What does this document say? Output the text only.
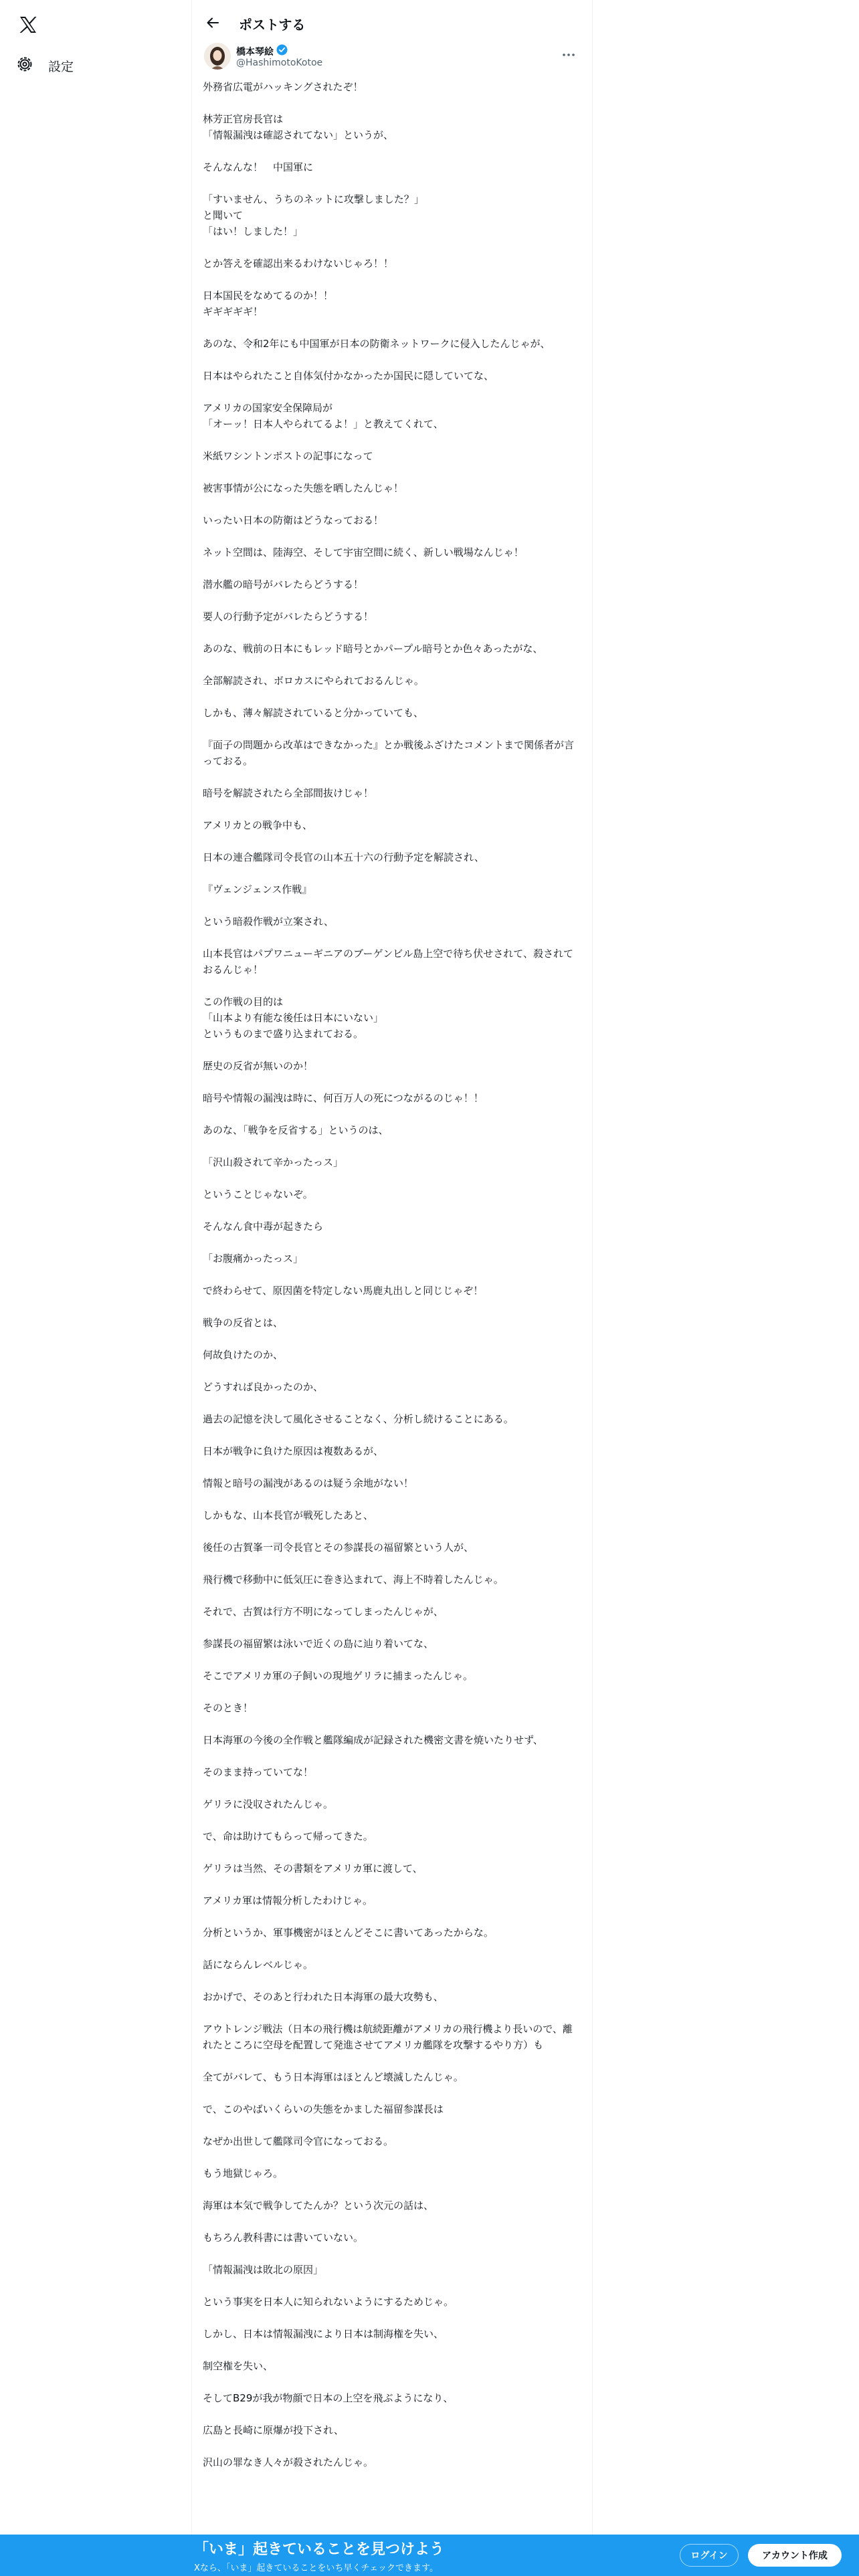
設定
ポストする
橋本琴絵
@HashimotoKotoe

外務省広電がハッキングされたぞ！

林芳正官房長官は
「情報漏洩は確認されてない」というが、

そんなんな！　中国軍に

「すいません、うちのネットに攻撃しました？」
と聞いて
「はい！しました！」

とか答えを確認出来るわけないじゃろ！！

日本国民をなめてるのか！！
ギギギギギ！

あのな、令和2年にも中国軍が日本の防衛ネットワークに侵入したんじゃが、

日本はやられたこと自体気付かなかったか国民に隠していてな、

アメリカの国家安全保障局が
「オーッ！日本人やられてるよ！」と教えてくれて、

米紙ワシントンポストの記事になって

被害事情が公になった失態を晒したんじゃ！

いったい日本の防衛はどうなっておる！

ネット空間は、陸海空、そして宇宙空間に続く、新しい戦場なんじゃ！

潜水艦の暗号がバレたらどうする！

要人の行動予定がバレたらどうする！

あのな、戦前の日本にもレッド暗号とかパープル暗号とか色々あったがな、

全部解読され、ボロカスにやられておるんじゃ。

しかも、薄々解読されていると分かっていても、

『面子の問題から改革はできなかった』とか戦後ふざけたコメントまで関係者が言っておる。

暗号を解読されたら全部間抜けじゃ！

アメリカとの戦争中も、

日本の連合艦隊司令長官の山本五十六の行動予定を解読され、

『ヴェンジェンス作戦』

という暗殺作戦が立案され、

山本長官はパプワニューギニアのブーゲンビル島上空で待ち伏せされて、殺されておるんじゃ！

この作戦の目的は
「山本より有能な後任は日本にいない」
というものまで盛り込まれておる。

歴史の反省が無いのか！

暗号や情報の漏洩は時に、何百万人の死につながるのじゃ！！

あのな、「戦争を反省する」というのは、

「沢山殺されて辛かったっス」

ということじゃないぞ。

そんなん食中毒が起きたら

「お腹痛かったっス」

で終わらせて、原因菌を特定しない馬鹿丸出しと同じじゃぞ！

戦争の反省とは、

何故負けたのか、

どうすれば良かったのか、

過去の記憶を決して風化させることなく、分析し続けることにある。

日本が戦争に負けた原因は複数あるが、

情報と暗号の漏洩があるのは疑う余地がない！

しかもな、山本長官が戦死したあと、

後任の古賀峯一司令長官とその参謀長の福留繁という人が、

飛行機で移動中に低気圧に巻き込まれて、海上不時着したんじゃ。

それで、古賀は行方不明になってしまったんじゃが、

参謀長の福留繁は泳いで近くの島に辿り着いてな、

そこでアメリカ軍の子飼いの現地ゲリラに捕まったんじゃ。

そのとき！

日本海軍の今後の全作戦と艦隊編成が記録された機密文書を焼いたりせず、

そのまま持っていてな！

ゲリラに没収されたんじゃ。

で、命は助けてもらって帰ってきた。

ゲリラは当然、その書類をアメリカ軍に渡して、

アメリカ軍は情報分析したわけじゃ。

分析というか、軍事機密がほとんどそこに書いてあったからな。

話にならんレベルじゃ。

おかげで、そのあと行われた日本海軍の最大攻勢も、

アウトレンジ戦法（日本の飛行機は航続距離がアメリカの飛行機より長いので、離れたところに空母を配置して発進させてアメリカ艦隊を攻撃するやり方）も

全てがバレて、もう日本海軍はほとんど壊滅したんじゃ。

で、このやばいくらいの失態をかました福留参謀長は

なぜか出世して艦隊司令官になっておる。

もう地獄じゃろ。

海軍は本気で戦争してたんか？という次元の話は、

もちろん教科書には書いていない。

「情報漏洩は敗北の原因」

という事実を日本人に知られないようにするためじゃ。

しかし、日本は情報漏洩により日本は制海権を失い、

制空権を失い、

そしてB29が我が物顔で日本の上空を飛ぶようになり、

広島と長崎に原爆が投下され、

沢山の罪なき人々が殺されたんじゃ。

「いま」起きていることを見つけよう
Xなら、「いま」起きていることをいち早くチェックできます。
ログイン	アカウント作成
